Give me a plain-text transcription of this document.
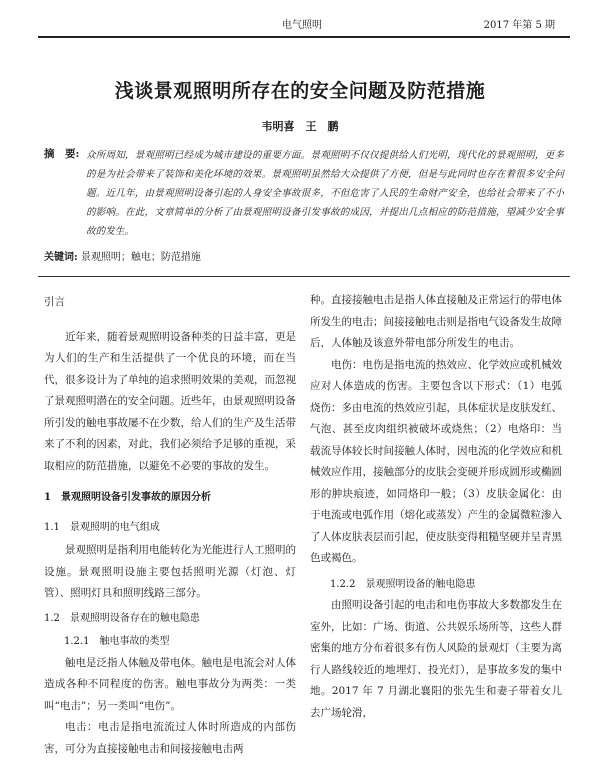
电气照明	2017 年第 5 期
浅谈景观照明所存在的安全问题及防范措施
韦明喜　王　鹏
摘　要: 众所周知，景观照明已经成为城市建设的重要方面。景观照明不仅仅提供给人们光明，现代化的景观照明，更多的是为社会带来了装饰和美化环境的效果。景观照明虽然给大众提供了方便，但是与此同时也存在着很多安全问题。近几年，由景观照明设备引起的人身安全事故很多，不但危害了人民的生命财产安全，也给社会带来了不小的影响。在此，文章简单的分析了由景观照明设备引发事故的成因，并提出几点相应的防范措施，望减少安全事故的发生。
关键词: 景观照明；触电；防范措施
引言

近年来，随着景观照明设备种类的日益丰富，更是为人们的生产和生活提供了一个优良的环境，而在当代，很多设计为了单纯的追求照明效果的美观，而忽视了景观照明潜在的安全问题。近些年，由景观照明设备所引发的触电事故屡不在少数，给人们的生产及生活带来了不利的因素，对此，我们必须给予足够的重视，采取相应的防范措施，以避免不必要的事故的发生。

1　景观照明设备引发事故的原因分析
1.1　景观照明的电气组成

景观照明是指利用电能转化为光能进行人工照明的设施。景观照明设施主要包括照明光源（灯泡、灯管）、照明灯具和照明线路三部分。

1.2　景观照明设备存在的触电隐患
1.2.1　触电事故的类型

触电是泛指人体触及带电体。触电是电流会对人体造成各种不同程度的伤害。触电事故分为两类：一类叫“电击”；另一类叫“电伤”。

电击：电击是指电流流过人体时所造成的内部伤害，可分为直接接触电击和间接接触电击两

种。直接接触电击是指人体直接触及正常运行的带电体所发生的电击；间接接触电击则是指电气设备发生故障后，人体触及该意外带电部分所发生的电击。

电伤：电伤是指电流的热效应、化学效应或机械效应对人体造成的伤害。主要包含以下形式：（1）电弧烧伤：多由电流的热效应引起，具体症状是皮肤发红、气泡、甚至皮肉组织被破坏或烧焦；（2）电烙印：当载流导体较长时间接触人体时，因电流的化学效应和机械效应作用，接触部分的皮肤会变硬并形成圆形或椭圆形的肿块痕迹，如同烙印一般；（3）皮肤金属化：由于电流或电弧作用（熔化或蒸发）产生的金属微粒渗入了人体皮肤表层而引起，使皮肤变得粗糙坚硬并呈青黑色或褐色。

1.2.2　景观照明设备的触电隐患

由照明设备引起的电击和电伤事故大多数都发生在室外，比如：广场、街道、公共娱乐场所等，这些人群密集的地方分布着很多有伤人风险的景观灯（主要为离行人路线较近的地埋灯、投光灯），是事故多发的集中地。2017 年 7 月湖北襄阳的张先生和妻子带着女儿去广场轮滑，
